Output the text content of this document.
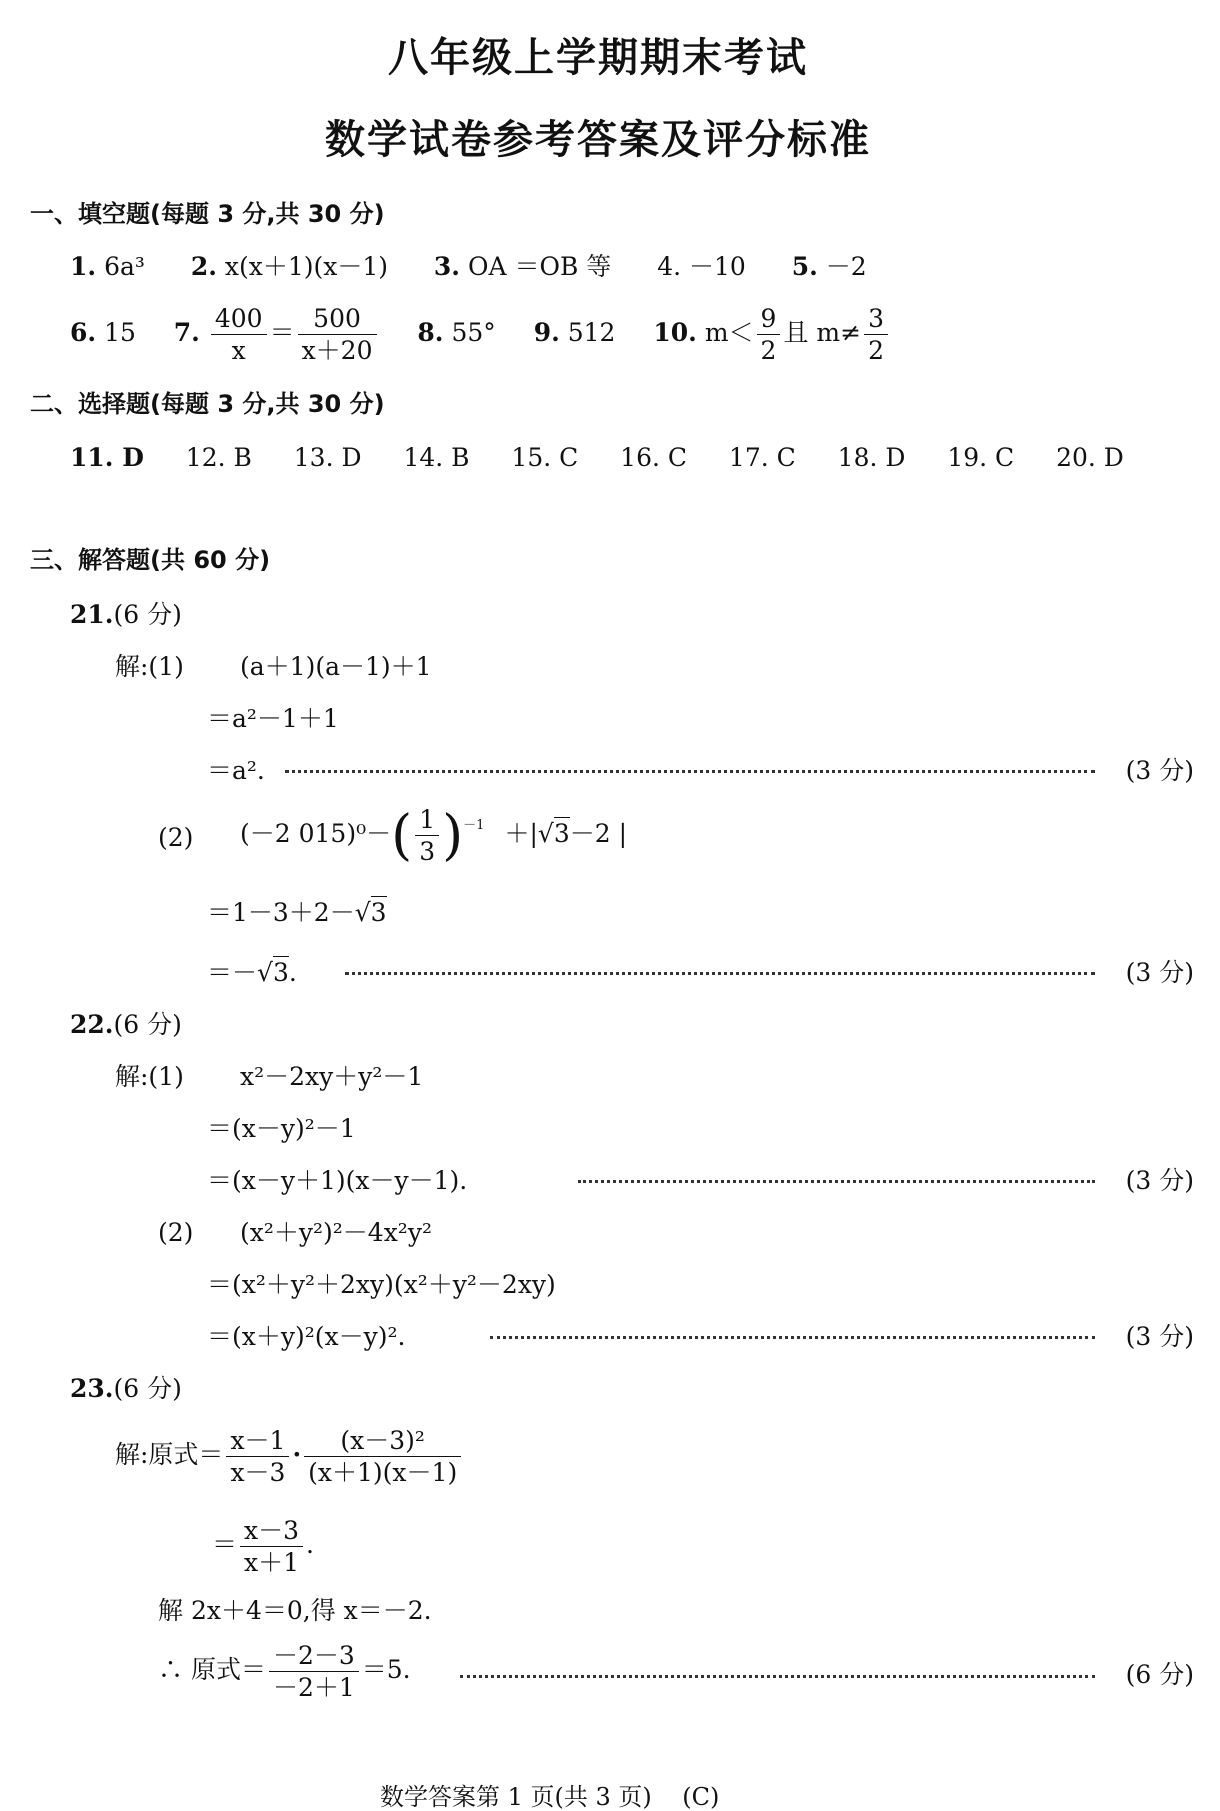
八年级上学期期末考试
数学试卷参考答案及评分标准
一、填空题(每题 3 分,共 30 分)
1. 6a³ 2. x(x＋1)(x－1) 3. OA ＝OB 等 4. －10 5. －2
6. 15 7. $\frac{400}{x} = \frac{500}{x+20} 8$. 55° 9. 512 10. $m< \frac{9}{2}$ 且 $m\ne \frac{3}{2}$
二、选择题(每题 3 分,共 30 分)
11. D 12. B 13. D 14. B 15. C 16. C 17. C 18. D 19. C 20. D
三、解答题(共 60 分)
21.(6 分)
解:(1) (a＋1)(a－1)＋1
＝a²－1＋1
＝a².	(3 分)
(2) (－2 $015)^0-( \frac{1}{3} )^{-1} +|√3-2$ |
＝1－3＋2－√3
＝－√3.	(3 分)
22.(6 分)
解:(1) x²－2xy＋y²－1
＝(x－y)²－1
＝(x－y＋1)(x－y－1).	(3 分)
(2) (x²＋y²)²－4x²y²
＝(x²＋y²＋2xy)(x²＋y²－2xy)
＝(x＋y)²(x－y)².	(3 分)
23.(6 分)
解:原式＝ $\frac{x-1}{x-3} \cdot \frac{\text{(x－3)²}}{(x+1)(x-1)}$
＝ $\frac{x-3}{x+1}$ .
解 2x＋4＝0,得 x＝－2.
∴ 原式＝ $\frac{-2-3}{-2+1} =5$.	(6 分)
数学答案第 1 页(共 3 页)    (C)
